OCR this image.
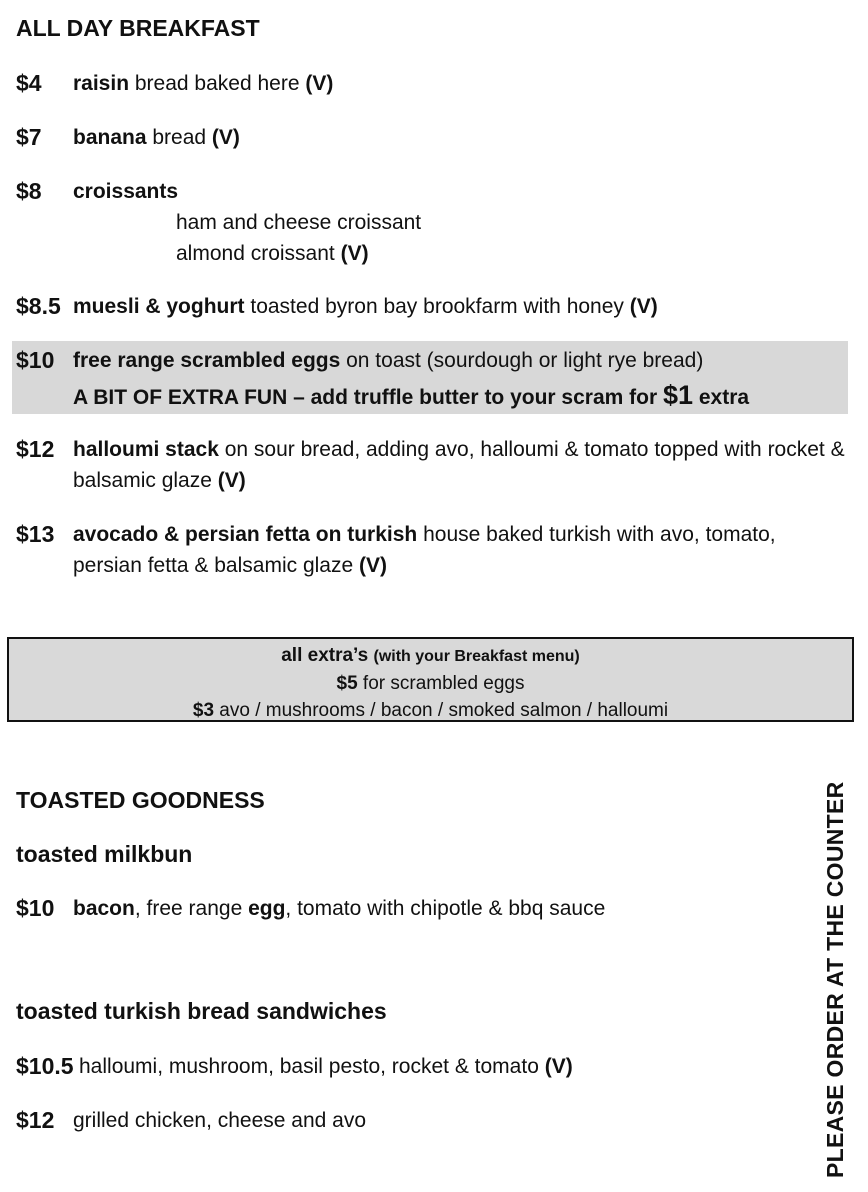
ALL DAY BREAKFAST
$4 raisin bread baked here (V)
$7 banana bread (V)
$8 croissants
ham and cheese croissant
almond croissant (V)
$8.5 muesli & yoghurt toasted byron bay brookfarm with honey (V)
$10 free range scrambled eggs on toast (sourdough or light rye bread)
A BIT OF EXTRA FUN – add truffle butter to your scram for $1 extra
$12 halloumi stack on sour bread, adding avo, halloumi & tomato topped with rocket & balsamic glaze (V)
$13 avocado & persian fetta on turkish house baked turkish with avo, tomato, persian fetta & balsamic glaze (V)
all extra’s (with your Breakfast menu)
$5 for scrambled eggs
$3 avo / mushrooms / bacon / smoked salmon / halloumi
TOASTED GOODNESS
toasted milkbun
$10 bacon, free range egg, tomato with chipotle & bbq sauce
toasted turkish bread sandwiches
$10.5 halloumi, mushroom, basil pesto, rocket & tomato (V)
$12 grilled chicken, cheese and avo	PLEASE ORDER AT THE COUNTER
